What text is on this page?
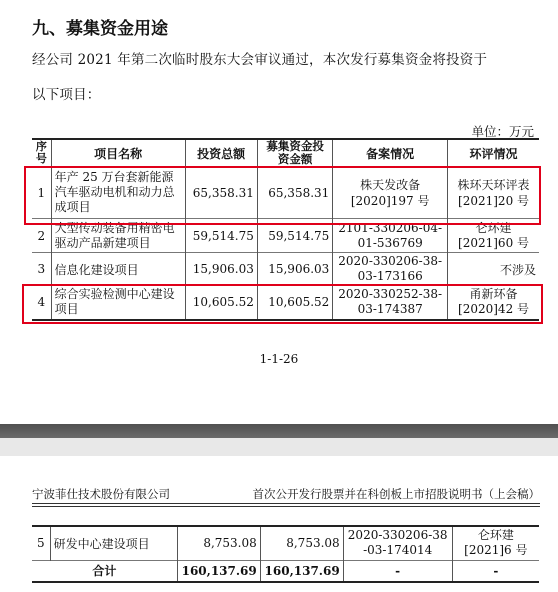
九、募集资金用途
经公司 2021 年第二次临时股东大会审议通过，本次发行募集资金将投资于
以下项目：
单位：万元
序号	项目名称	投资总额	募集资金投资金额	备案情况	环评情况
1	年产 25 万台套新能源汽车驱动电机和动力总成项目	65,358.31	65,358.31	株天发改备[2020]197 号	株环天环评表[2021]20 号
2	大型传动装备用精密电驱动产品新建项目	59,514.75	59,514.75	2101-330206-04-01-536769	仑环建[2021]60 号
3	信息化建设项目	15,906.03	15,906.03	2020-330206-38-03-173166	不涉及
4	综合实验检测中心建设项目	10,605.52	10,605.52	2020-330252-38-03-174387	甬新环备[2020]42 号
1-1-26
宁波菲仕技术股份有限公司	首次公开发行股票并在科创板上市招股说明书（上会稿）
5	研发中心建设项目	8,753.08	8,753.08	2020-330206-38-03-174014	仑环建[2021]6 号
合计		160,137.69	160,137.69	-	-
